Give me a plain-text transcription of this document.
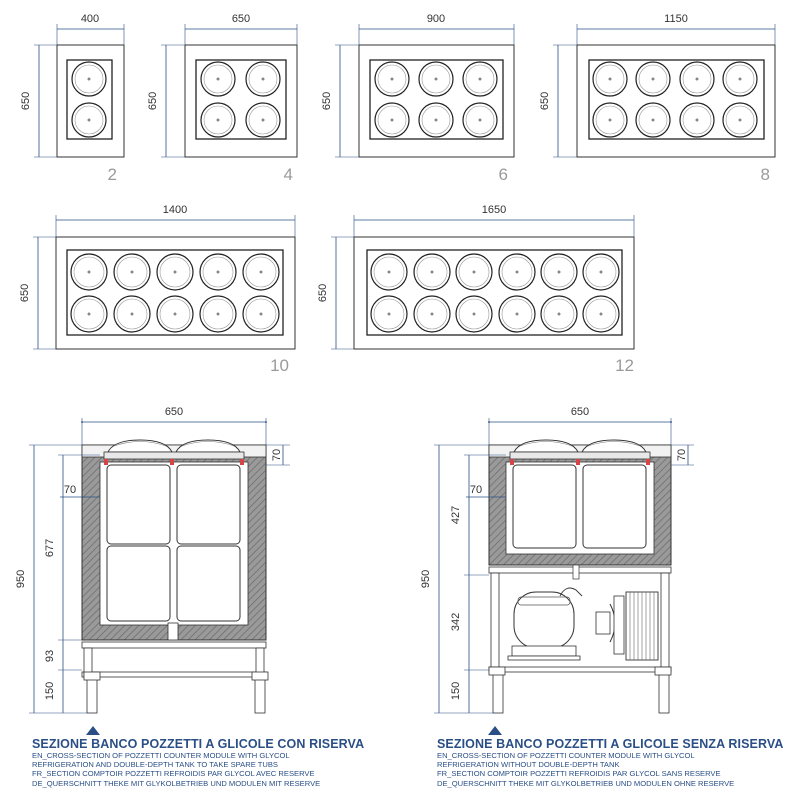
400
650
2
650
650
4
900
650
6
1150
650
8
1400
650
10
1650
650
12
650
70
70
677
93
150
950
650
70
70
427
342
150
950
SEZIONE BANCO POZZETTI A GLICOLE CON RISERVA
EN_CROSS-SECTION OF POZZETTI COUNTER MODULE WITH GLYCOL
REFRIGERATION AND DOUBLE-DEPTH TANK TO TAKE SPARE TUBS
FR_SECTION COMPTOIR POZZETTI REFROIDIS PAR GLYCOL AVEC RESERVE
DE_QUERSCHNITT THEKE MIT GLYKOLBETRIEB UND MODULEN MIT RESERVE
SEZIONE BANCO POZZETTI A GLICOLE SENZA RISERVA
EN_CROSS-SECTION OF POZZETTI COUNTER MODULE WITH GLYCOL
REFRIGERATION WITHOUT DOUBLE-DEPTH TANK
FR_SECTION COMPTOIR POZZETTI REFROIDIS PAR GLYCOL SANS RESERVE
DE_QUERSCHNITT THEKE MIT GLYKOLBETRIEB UND MODULEN OHNE RESERVE
